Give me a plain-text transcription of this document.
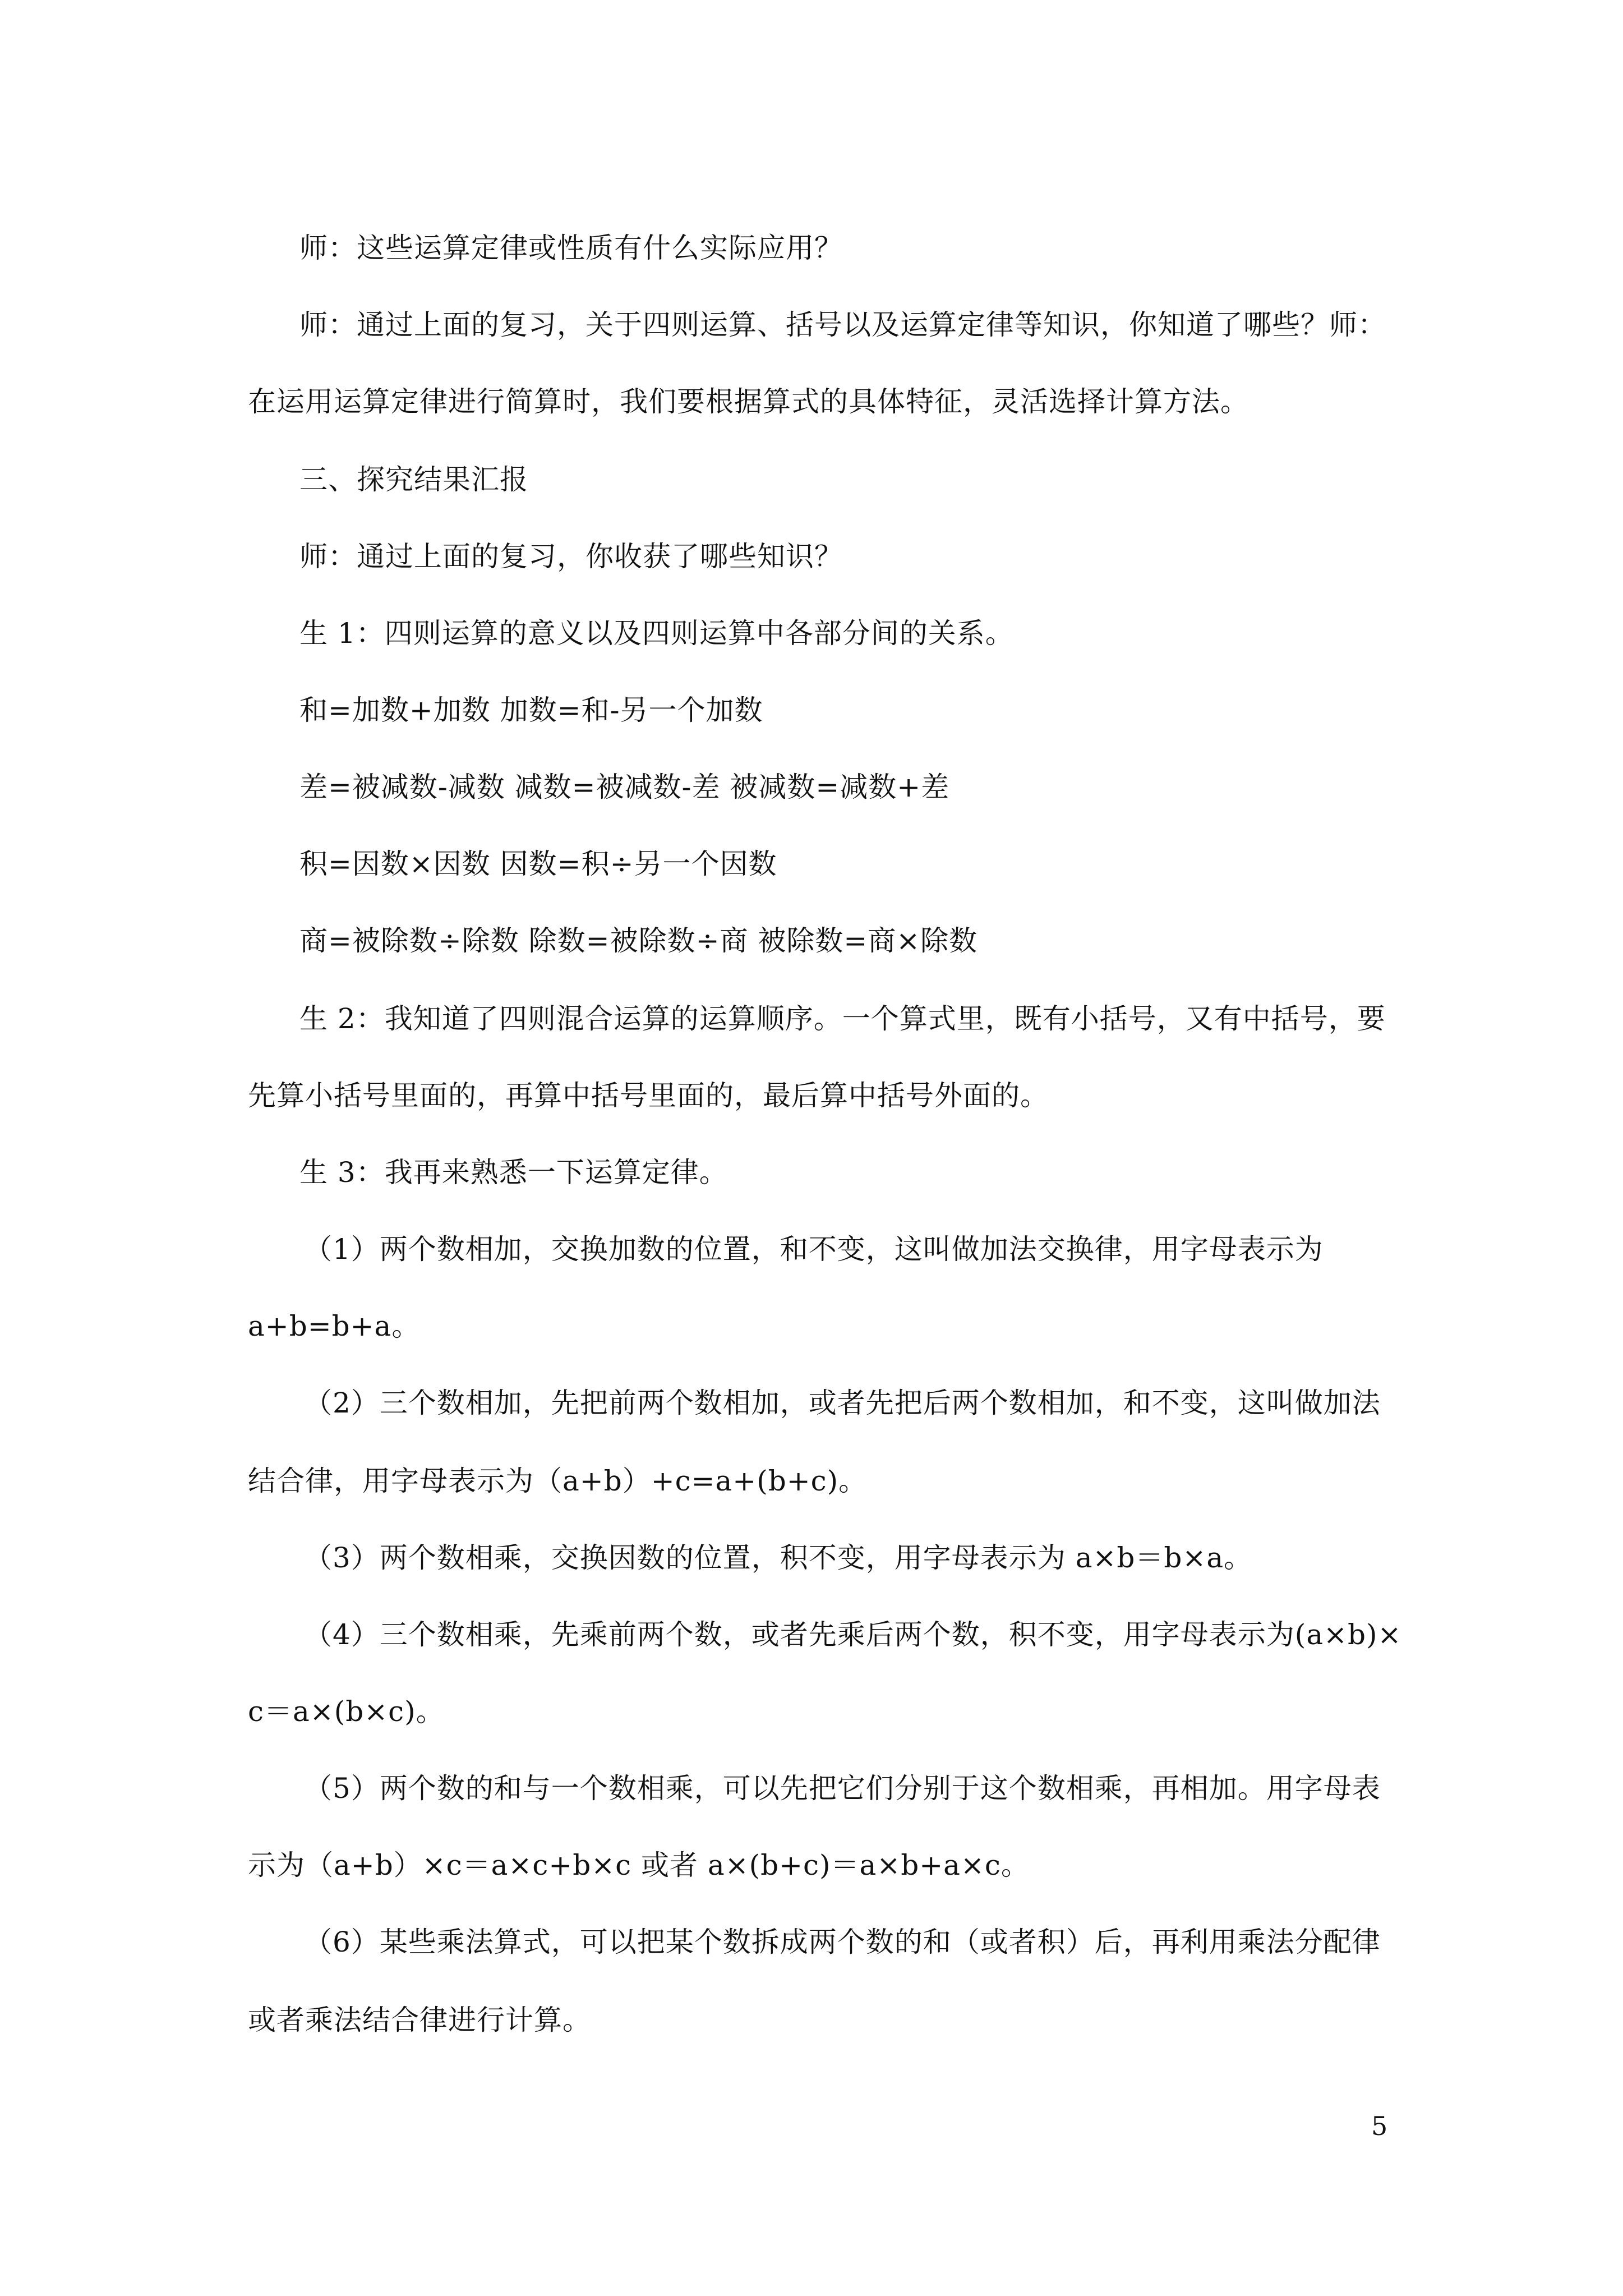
师：这些运算定律或性质有什么实际应用？
师：通过上面的复习，关于四则运算、括号以及运算定律等知识，你知道了哪些？师：
在运用运算定律进行简算时，我们要根据算式的具体特征，灵活选择计算方法。
三、探究结果汇报
师：通过上面的复习，你收获了哪些知识？
生 1：四则运算的意义以及四则运算中各部分间的关系。
和=加数+加数 加数=和-另一个加数
差=被减数-减数 减数=被减数-差 被减数=减数+差
积=因数×因数 因数=积÷另一个因数
商=被除数÷除数 除数=被除数÷商 被除数=商×除数
生 2：我知道了四则混合运算的运算顺序。一个算式里，既有小括号，又有中括号，要
先算小括号里面的，再算中括号里面的，最后算中括号外面的。
生 3：我再来熟悉一下运算定律。
（1）两个数相加，交换加数的位置，和不变，这叫做加法交换律，用字母表示为
a+b=b+a。
（2）三个数相加，先把前两个数相加，或者先把后两个数相加，和不变，这叫做加法
结合律，用字母表示为（a+b）+c=a+(b+c)。
（3）两个数相乘，交换因数的位置，积不变，用字母表示为 a×b＝b×a。
（4）三个数相乘，先乘前两个数，或者先乘后两个数，积不变，用字母表示为(a×b)×
c＝a×(b×c)。
（5）两个数的和与一个数相乘，可以先把它们分别于这个数相乘，再相加。用字母表
示为（a+b）×c＝a×c+b×c 或者 a×(b+c)＝a×b+a×c。
（6）某些乘法算式，可以把某个数拆成两个数的和（或者积）后，再利用乘法分配律
或者乘法结合律进行计算。
5
